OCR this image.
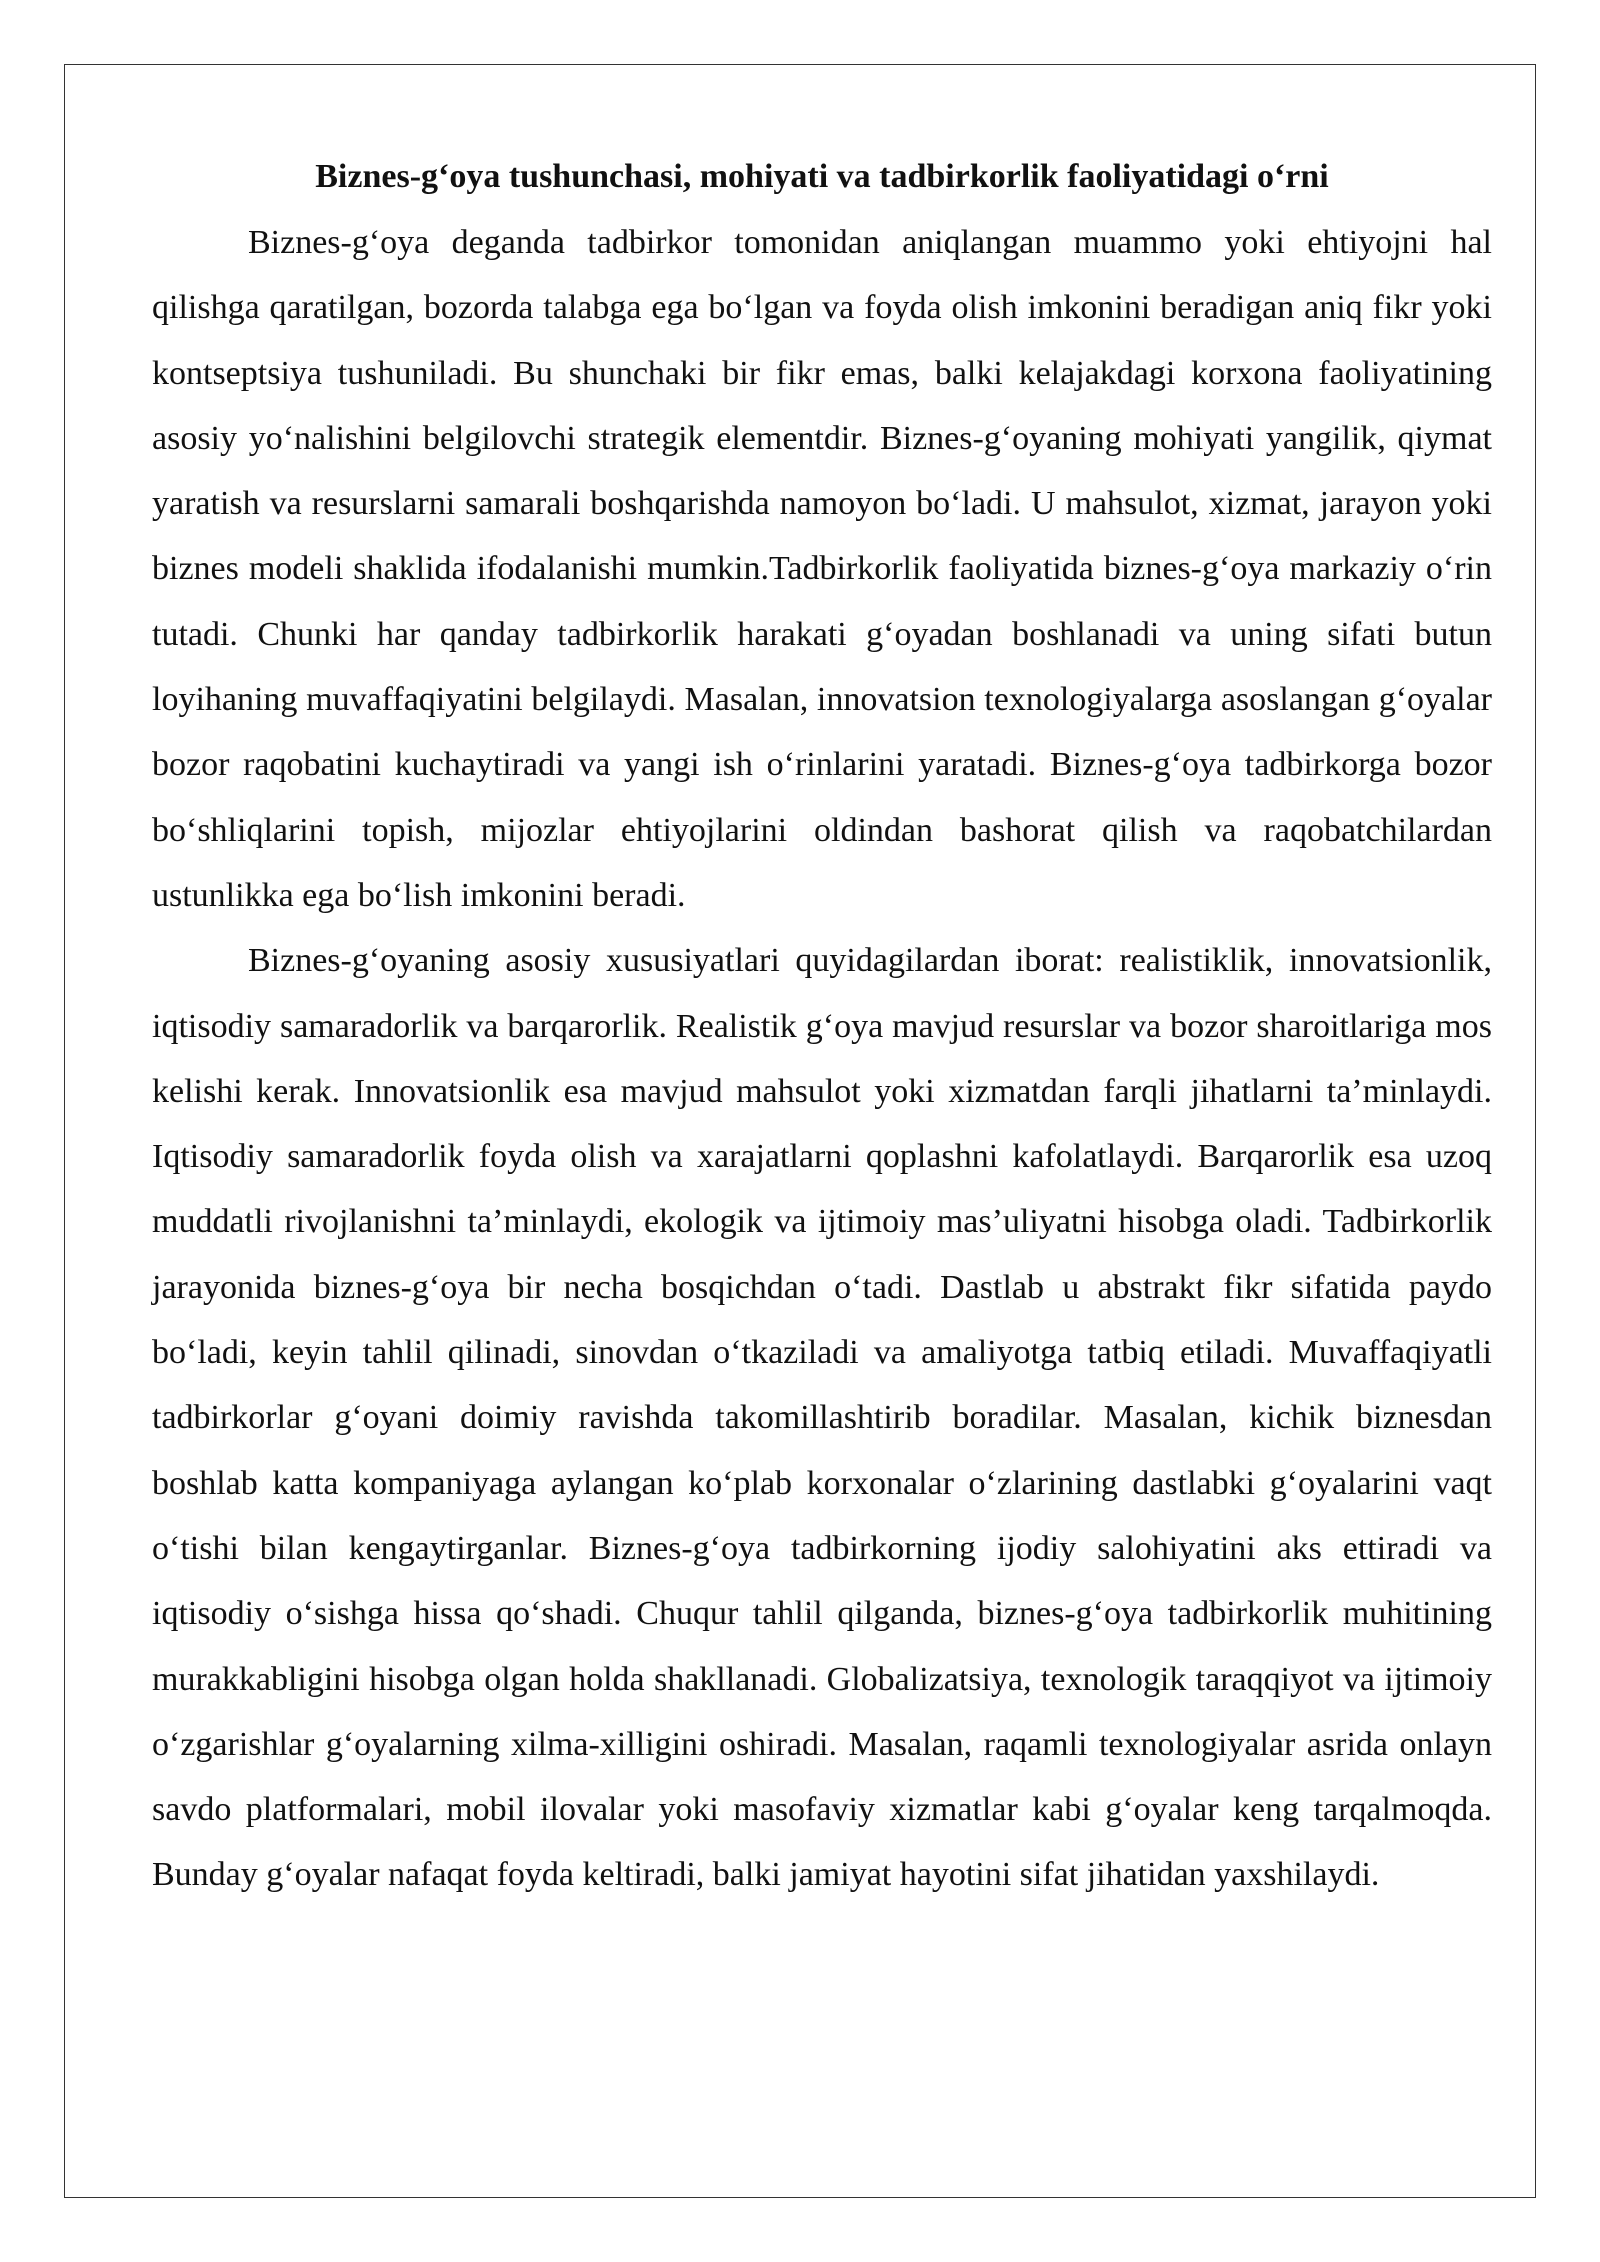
Biznes-g‘oya tushunchasi, mohiyati va tadbirkorlik faoliyatidagi o‘rni

Biznes-g‘oya deganda tadbirkor tomonidan aniqlangan muammo yoki ehtiyojni hal qilishga qaratilgan, bozorda talabga ega bo‘lgan va foyda olish imkonini beradigan aniq fikr yoki kontseptsiya tushuniladi. Bu shunchaki bir fikr emas, balki kelajakdagi korxona faoliyatining asosiy yo‘nalishini belgilovchi strategik elementdir. Biznes-g‘oyaning mohiyati yangilik, qiymat yaratish va resurslarni samarali boshqarishda namoyon bo‘ladi. U mahsulot, xizmat, jarayon yoki biznes modeli shaklida ifodalanishi mumkin.Tadbirkorlik faoliyatida biznes-g‘oya markaziy o‘rin tutadi. Chunki har qanday tadbirkorlik harakati g‘oyadan boshlanadi va uning sifati butun loyihaning muvaffaqiyatini belgilaydi. Masalan, innovatsion texnologiyalarga asoslangan g‘oyalar bozor raqobatini kuchaytiradi va yangi ish o‘rinlarini yaratadi. Biznes-g‘oya tadbirkorga bozor bo‘shliqlarini topish, mijozlar ehtiyojlarini oldindan bashorat qilish va raqobatchilardan ustunlikka ega bo‘lish imkonini beradi.

Biznes-g‘oyaning asosiy xususiyatlari quyidagilardan iborat: realistiklik, innovatsionlik, iqtisodiy samaradorlik va barqarorlik. Realistik g‘oya mavjud resurslar va bozor sharoitlariga mos kelishi kerak. Innovatsionlik esa mavjud mahsulot yoki xizmatdan farqli jihatlarni ta’minlaydi. Iqtisodiy samaradorlik foyda olish va xarajatlarni qoplashni kafolatlaydi. Barqarorlik esa uzoq muddatli rivojlanishni ta’minlaydi, ekologik va ijtimoiy mas’uliyatni hisobga oladi. Tadbirkorlik jarayonida biznes-g‘oya bir necha bosqichdan o‘tadi. Dastlab u abstrakt fikr sifatida paydo bo‘ladi, keyin tahlil qilinadi, sinovdan o‘tkaziladi va amaliyotga tatbiq etiladi. Muvaffaqiyatli tadbirkorlar g‘oyani doimiy ravishda takomillashtirib boradilar. Masalan, kichik biznesdan boshlab katta kompaniyaga aylangan ko‘plab korxonalar o‘zlarining dastlabki g‘oyalarini vaqt o‘tishi bilan kengaytirganlar. Biznes-g‘oya tadbirkorning ijodiy salohiyatini aks ettiradi va iqtisodiy o‘sishga hissa qo‘shadi. Chuqur tahlil qilganda, biznes-g‘oya tadbirkorlik muhitining murakkabligini hisobga olgan holda shakllanadi. Globalizatsiya, texnologik taraqqiyot va ijtimoiy o‘zgarishlar g‘oyalarning xilma-xilligini oshiradi. Masalan, raqamli texnologiyalar asrida onlayn savdo platformalari, mobil ilovalar yoki masofaviy xizmatlar kabi g‘oyalar keng tarqalmoqda. Bunday g‘oyalar nafaqat foyda keltiradi, balki jamiyat hayotini sifat jihatidan yaxshilaydi.
